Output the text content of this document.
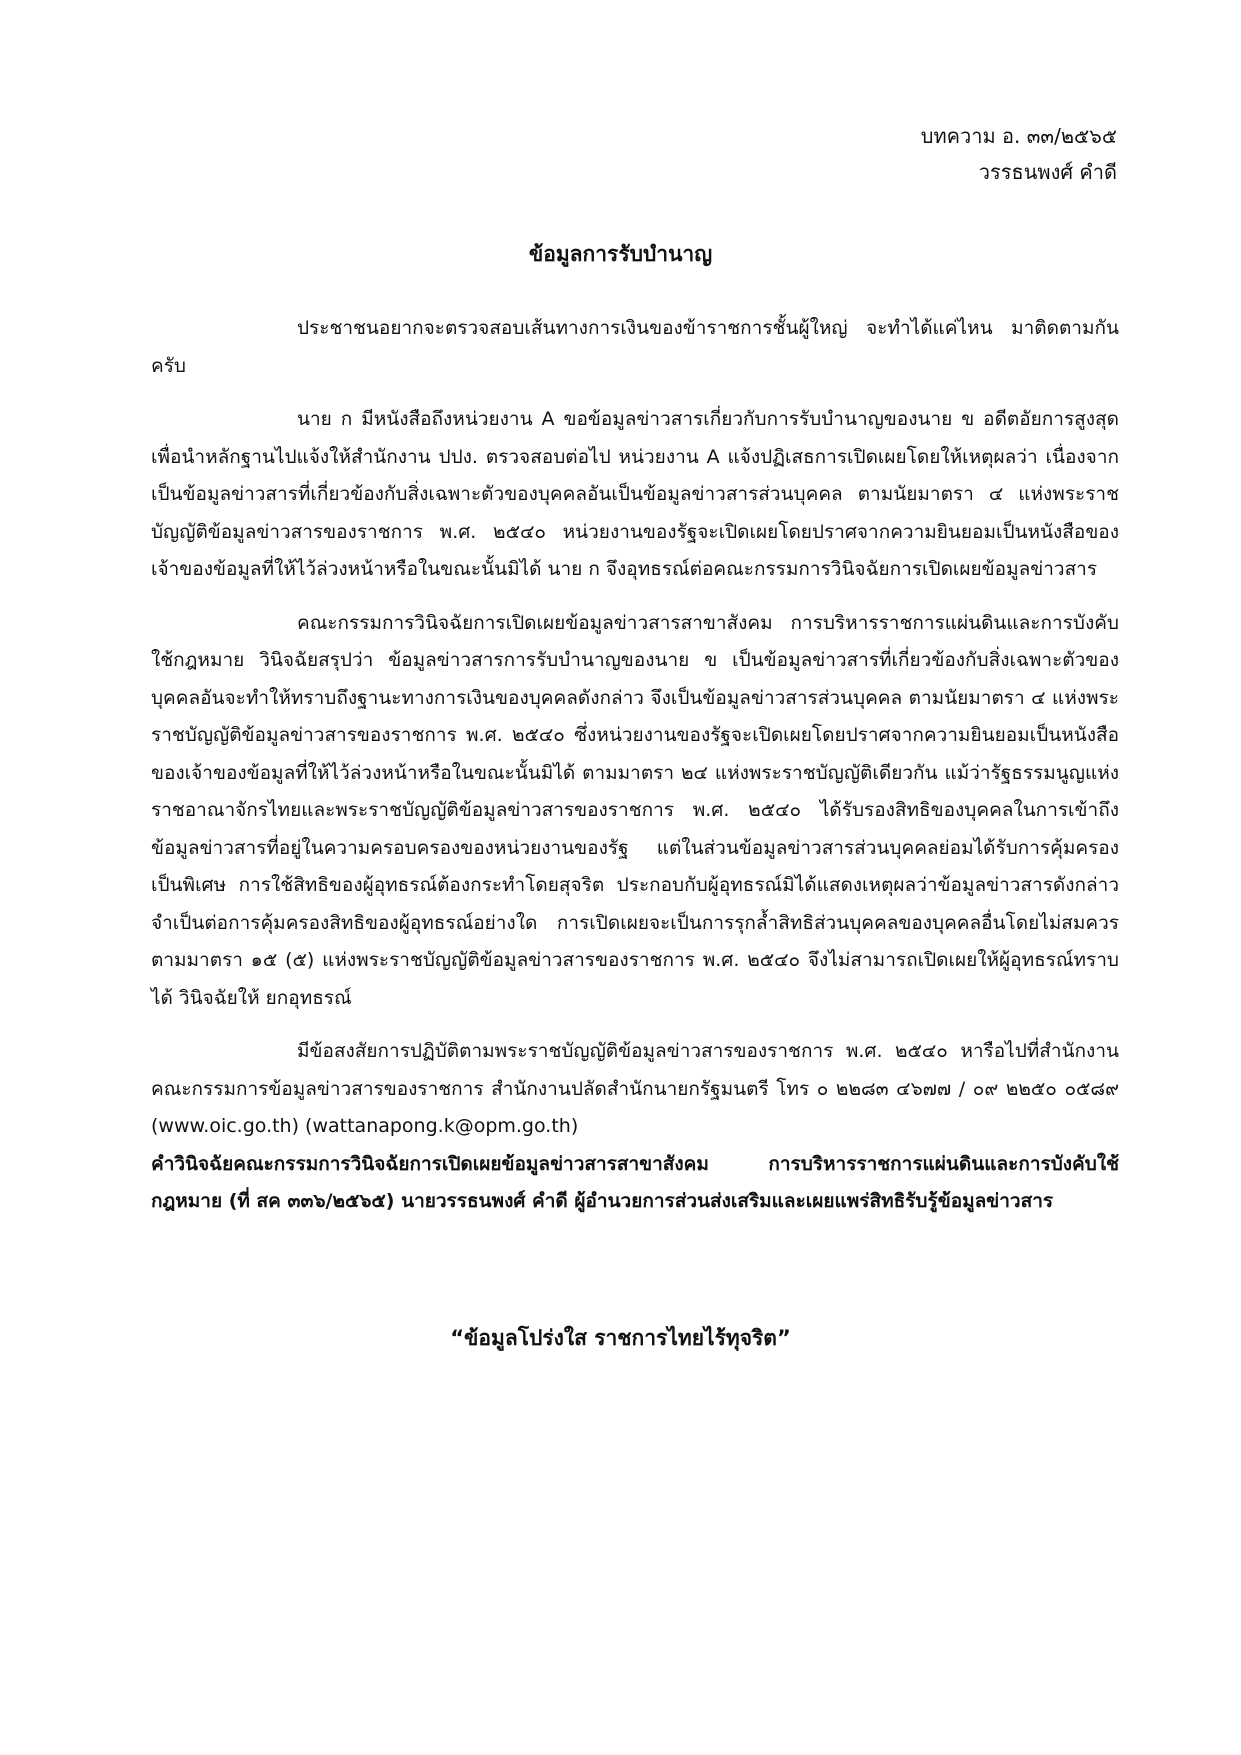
บทความ อ. ๓๓/๒๕๖๕
วรรธนพงศ์ คำดี
ข้อมูลการรับบำนาญ

ประชาชนอยากจะตรวจสอบเส้นทางการเงินของข้าราชการชั้นผู้ใหญ่ จะทำได้แค่ไหน มาติดตามกันครับ

นาย ก มีหนังสือถึงหน่วยงาน A ขอข้อมูลข่าวสารเกี่ยวกับการรับบำนาญของนาย ข อดีตอัยการสูงสุด เพื่อนำหลักฐานไปแจ้งให้สำนักงาน ปปง. ตรวจสอบต่อไป หน่วยงาน A แจ้งปฏิเสธการเปิดเผยโดยให้เหตุผลว่า เนื่องจากเป็นข้อมูลข่าวสารที่เกี่ยวข้องกับสิ่งเฉพาะตัวของบุคคลอันเป็นข้อมูลข่าวสารส่วนบุคคล ตามนัยมาตรา ๔ แห่งพระราชบัญญัติข้อมูลข่าวสารของราชการ พ.ศ. ๒๕๔๐ หน่วยงานของรัฐจะเปิดเผยโดยปราศจากความยินยอมเป็นหนังสือของเจ้าของข้อมูลที่ให้ไว้ล่วงหน้าหรือในขณะนั้นมิได้ นาย ก จึงอุทธรณ์ต่อคณะกรรมการวินิจฉัยการเปิดเผยข้อมูลข่าวสาร

คณะกรรมการวินิจฉัยการเปิดเผยข้อมูลข่าวสารสาขาสังคม การบริหารราชการแผ่นดินและการบังคับใช้กฎหมาย วินิจฉัยสรุปว่า ข้อมูลข่าวสารการรับบำนาญของนาย ข เป็นข้อมูลข่าวสารที่เกี่ยวข้องกับสิ่งเฉพาะตัวของบุคคลอันจะทำให้ทราบถึงฐานะทางการเงินของบุคคลดังกล่าว จึงเป็นข้อมูลข่าวสารส่วนบุคคล ตามนัยมาตรา ๔ แห่งพระราชบัญญัติข้อมูลข่าวสารของราชการ พ.ศ. ๒๕๔๐ ซึ่งหน่วยงานของรัฐจะเปิดเผยโดยปราศจากความยินยอมเป็นหนังสือของเจ้าของข้อมูลที่ให้ไว้ล่วงหน้าหรือในขณะนั้นมิได้ ตามมาตรา ๒๔ แห่งพระราชบัญญัติเดียวกัน แม้ว่ารัฐธรรมนูญแห่งราชอาณาจักรไทยและพระราชบัญญัติข้อมูลข่าวสารของราชการ พ.ศ. ๒๕๔๐ ได้รับรองสิทธิของบุคคลในการเข้าถึงข้อมูลข่าวสารที่อยู่ในความครอบครองของหน่วยงานของรัฐ แต่ในส่วนข้อมูลข่าวสารส่วนบุคคลย่อมได้รับการคุ้มครองเป็นพิเศษ การใช้สิทธิของผู้อุทธรณ์ต้องกระทำโดยสุจริต ประกอบกับผู้อุทธรณ์มิได้แสดงเหตุผลว่าข้อมูลข่าวสารดังกล่าวจำเป็นต่อการคุ้มครองสิทธิของผู้อุทธรณ์อย่างใด การเปิดเผยจะเป็นการรุกล้ำสิทธิส่วนบุคคลของบุคคลอื่นโดยไม่สมควร ตามมาตรา ๑๕ (๕) แห่งพระราชบัญญัติข้อมูลข่าวสารของราชการ พ.ศ. ๒๕๔๐ จึงไม่สามารถเปิดเผยให้ผู้อุทธรณ์ทราบได้ วินิจฉัยให้ ยกอุทธรณ์

มีข้อสงสัยการปฏิบัติตามพระราชบัญญัติข้อมูลข่าวสารของราชการ พ.ศ. ๒๕๔๐ หารือไปที่สำนักงานคณะกรรมการข้อมูลข่าวสารของราชการ สำนักงานปลัดสำนักนายกรัฐมนตรี โทร ๐ ๒๒๘๓ ๔๖๗๗ / ๐๙ ๒๒๕๐ ๐๕๘๙ (www.oic.go.th) (wattanapong.k@opm.go.th)

คำวินิจฉัยคณะกรรมการวินิจฉัยการเปิดเผยข้อมูลข่าวสารสาขาสังคม การบริหารราชการแผ่นดินและการบังคับใช้กฎหมาย (ที่ สค ๓๓๖/๒๕๖๕) นายวรรธนพงศ์ คำดี ผู้อำนวยการส่วนส่งเสริมและเผยแพร่สิทธิรับรู้ข้อมูลข่าวสาร

“ข้อมูลโปร่งใส ราชการไทยไร้ทุจริต”
